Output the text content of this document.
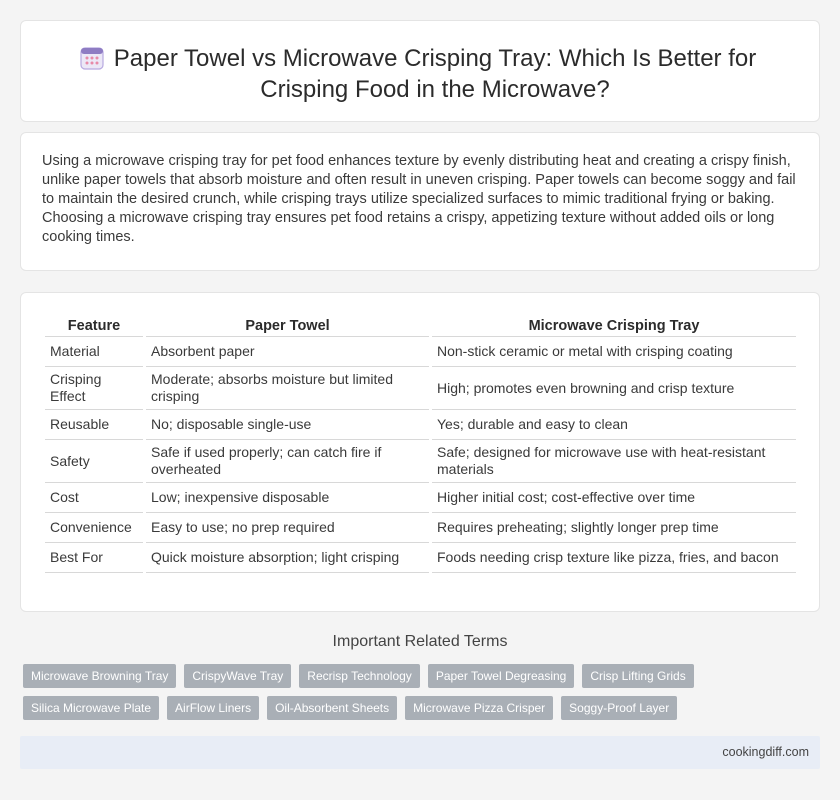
Paper Towel vs Microwave Crisping Tray: Which Is Better for Crisping Food in the Microwave?

Using a microwave crisping tray for pet food enhances texture by evenly distributing heat and creating a crispy finish, unlike paper towels that absorb moisture and often result in uneven crisping. Paper towels can become soggy and fail to maintain the desired crunch, while crisping trays utilize specialized surfaces to mimic traditional frying or baking. Choosing a microwave crisping tray ensures pet food retains a crispy, appetizing texture without added oils or long cooking times.

Feature	Paper Towel	Microwave Crisping Tray
Material	Absorbent paper	Non-stick ceramic or metal with crisping coating
Crisping Effect	Moderate; absorbs moisture but limited crisping	High; promotes even browning and crisp texture
Reusable	No; disposable single-use	Yes; durable and easy to clean
Safety	Safe if used properly; can catch fire if overheated	Safe; designed for microwave use with heat-resistant materials
Cost	Low; inexpensive disposable	Higher initial cost; cost-effective over time
Convenience	Easy to use; no prep required	Requires preheating; slightly longer prep time
Best For	Quick moisture absorption; light crisping	Foods needing crisp texture like pizza, fries, and bacon
Important Related Terms
Microwave Browning Tray	CrispyWave Tray	Recrisp Technology	Paper Towel Degreasing	Crisp Lifting Grids
Silica Microwave Plate	AirFlow Liners	Oil-Absorbent Sheets	Microwave Pizza Crisper	Soggy-Proof Layer
cookingdiff.com
